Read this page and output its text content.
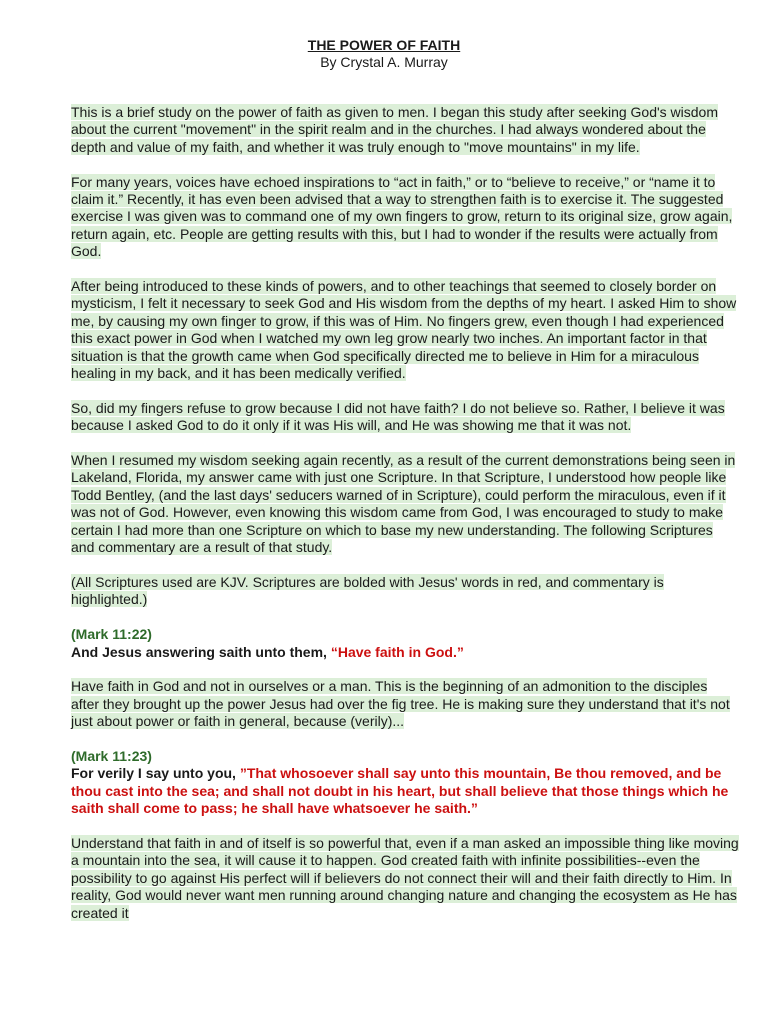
THE POWER OF FAITH
By Crystal A. Murray

This is a brief study on the power of faith as given to men. I began this study after seeking God's wisdom about the current "movement" in the spirit realm and in the churches. I had always wondered about the depth and value of my faith, and whether it was truly enough to "move mountains" in my life.

For many years, voices have echoed inspirations to “act in faith,” or to “believe to receive,” or “name it to claim it.” Recently, it has even been advised that a way to strengthen faith is to exercise it. The suggested exercise I was given was to command one of my own fingers to grow, return to its original size, grow again, return again, etc. People are getting results with this, but I had to wonder if the results were actually from God.

After being introduced to these kinds of powers, and to other teachings that seemed to closely border on mysticism, I felt it necessary to seek God and His wisdom from the depths of my heart. I asked Him to show me, by causing my own finger to grow, if this was of Him. No fingers grew, even though I had experienced this exact power in God when I watched my own leg grow nearly two inches. An important factor in that situation is that the growth came when God specifically directed me to believe in Him for a miraculous healing in my back, and it has been medically verified.

So, did my fingers refuse to grow because I did not have faith? I do not believe so. Rather, I believe it was because I asked God to do it only if it was His will, and He was showing me that it was not.

When I resumed my wisdom seeking again recently, as a result of the current demonstrations being seen in Lakeland, Florida, my answer came with just one Scripture. In that Scripture, I understood how people like Todd Bentley, (and the last days' seducers warned of in Scripture), could perform the miraculous, even if it was not of God. However, even knowing this wisdom came from God, I was encouraged to study to make certain I had more than one Scripture on which to base my new understanding. The following Scriptures and commentary are a result of that study.

(All Scriptures used are KJV. Scriptures are bolded with Jesus' words in red, and commentary is highlighted.)

(Mark 11:22)
And Jesus answering saith unto them, “Have faith in God.”

Have faith in God and not in ourselves or a man. This is the beginning of an admonition to the disciples after they brought up the power Jesus had over the fig tree. He is making sure they understand that it's not just about power or faith in general, because (verily)...

(Mark 11:23)
For verily I say unto you, ”That whosoever shall say unto this mountain, Be thou removed, and be thou cast into the sea; and shall not doubt in his heart, but shall believe that those things which he saith shall come to pass; he shall have whatsoever he saith.”

Understand that faith in and of itself is so powerful that, even if a man asked an impossible thing like moving a mountain into the sea, it will cause it to happen. God created faith with infinite possibilities--even the possibility to go against His perfect will if believers do not connect their will and their faith directly to Him. In reality, God would never want men running around changing nature and changing the ecosystem as He has created it
